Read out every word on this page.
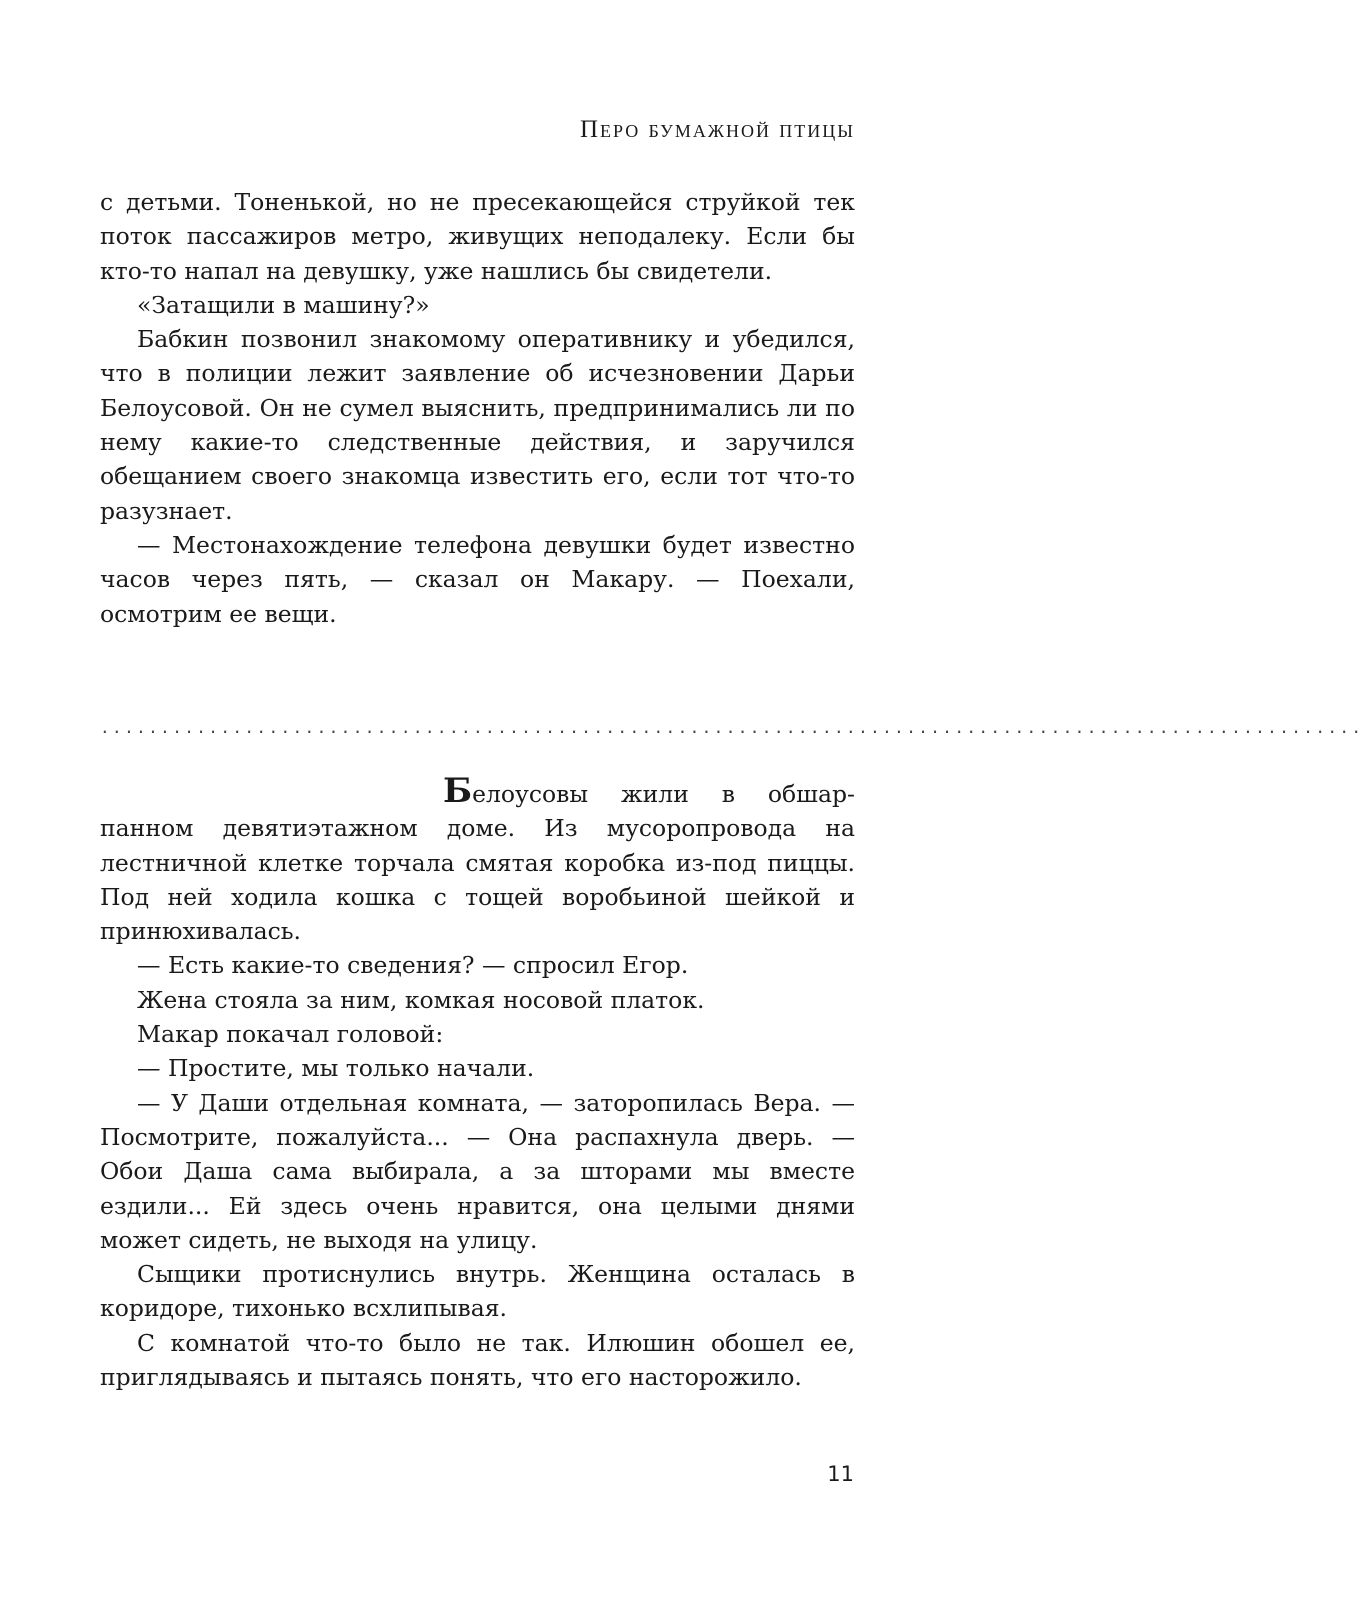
Перо бумажной птицы

с детьми. Тоненькой, но не пресекающейся струйкой тек поток пассажиров метро, живущих неподалеку. Если бы кто-то напал на девушку, уже нашлись бы свидетели.

«Затащили в машину?»

Бабкин позвонил знакомому оперативнику и убедился, что в полиции лежит заявление об исчезновении Дарьи Белоусовой. Он не сумел выяснить, предпринимались ли по нему какие-то следственные действия, и заручился обещанием своего знакомца известить его, если тот что-то разузнает.

— Местонахождение телефона девушки будет известно часов через пять, — сказал он Макару. — Поехали, осмотрим ее вещи.

.........................................................................................................

Белоусовы жили в обшарпанном девятиэтажном доме. Из мусоропровода на лестничной клетке торчала смятая коробка из-под пиццы. Под ней ходила кошка с тощей воробьиной шейкой и принюхивалась.

— Есть какие-то сведения? — спросил Егор.

Жена стояла за ним, комкая носовой платок.

Макар покачал головой:

— Простите, мы только начали.

— У Даши отдельная комната, — заторопилась Вера. — Посмотрите, пожалуйста... — Она распахнула дверь. — Обои Даша сама выбирала, а за шторами мы вместе ездили... Ей здесь очень нравится, она целыми днями может сидеть, не выходя на улицу.

Сыщики протиснулись внутрь. Женщина осталась в коридоре, тихонько всхлипывая.

С комнатой что-то было не так. Илюшин обошел ее, приглядываясь и пытаясь понять, что его насторожило.

11
